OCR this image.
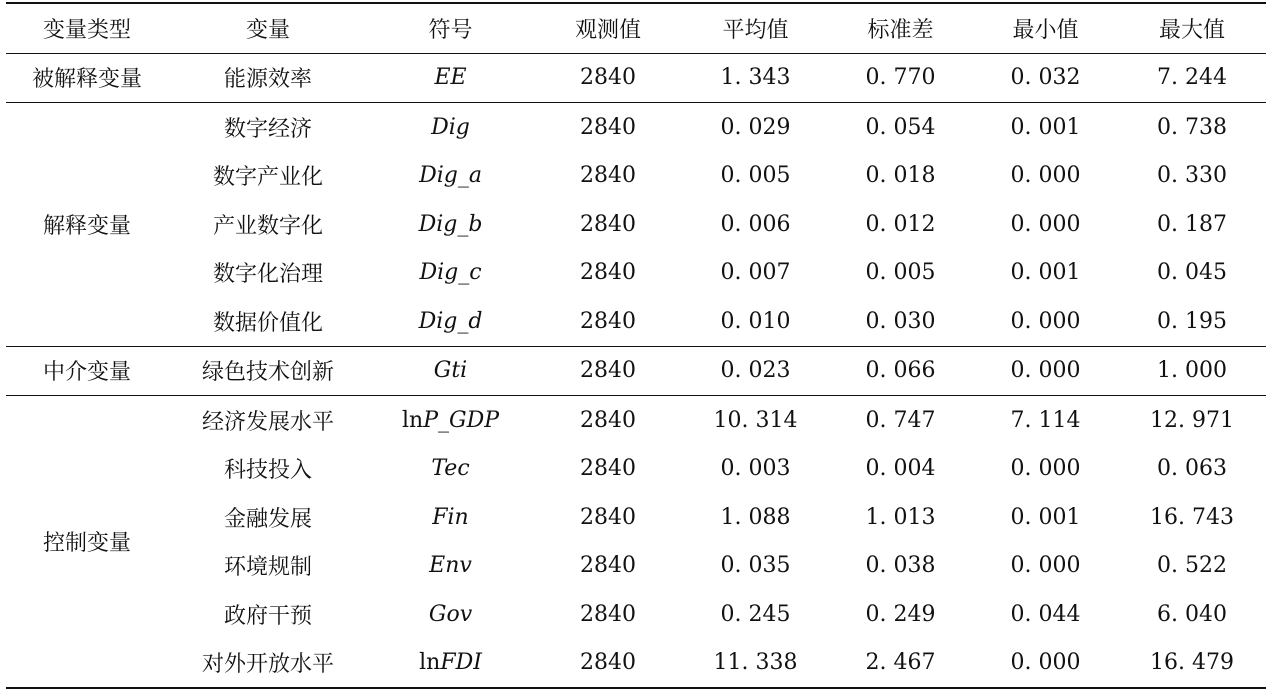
变量类型	变量	符号	观测值	平均值	标准差	最小值	最大值
被解释变量	能源效率	EE	2840	1. 343	0. 770	0. 032	7. 244
解释变量	数字经济	Dig	2840	0. 029	0. 054	0. 001	0. 738
	数字产业化	Dig_a	2840	0. 005	0. 018	0. 000	0. 330
	产业数字化	Dig_b	2840	0. 006	0. 012	0. 000	0. 187
	数字化治理	Dig_c	2840	0. 007	0. 005	0. 001	0. 045
	数据价值化	Dig_d	2840	0. 010	0. 030	0. 000	0. 195
中介变量	绿色技术创新	Gti	2840	0. 023	0. 066	0. 000	1. 000
控制变量	经济发展水平	lnP_GDP	2840	10. 314	0. 747	7. 114	12. 971
	科技投入	Tec	2840	0. 003	0. 004	0. 000	0. 063
	金融发展	Fin	2840	1. 088	1. 013	0. 001	16. 743
	环境规制	Env	2840	0. 035	0. 038	0. 000	0. 522
	政府干预	Gov	2840	0. 245	0. 249	0. 044	6. 040
	对外开放水平	lnFDI	2840	11. 338	2. 467	0. 000	16. 479
